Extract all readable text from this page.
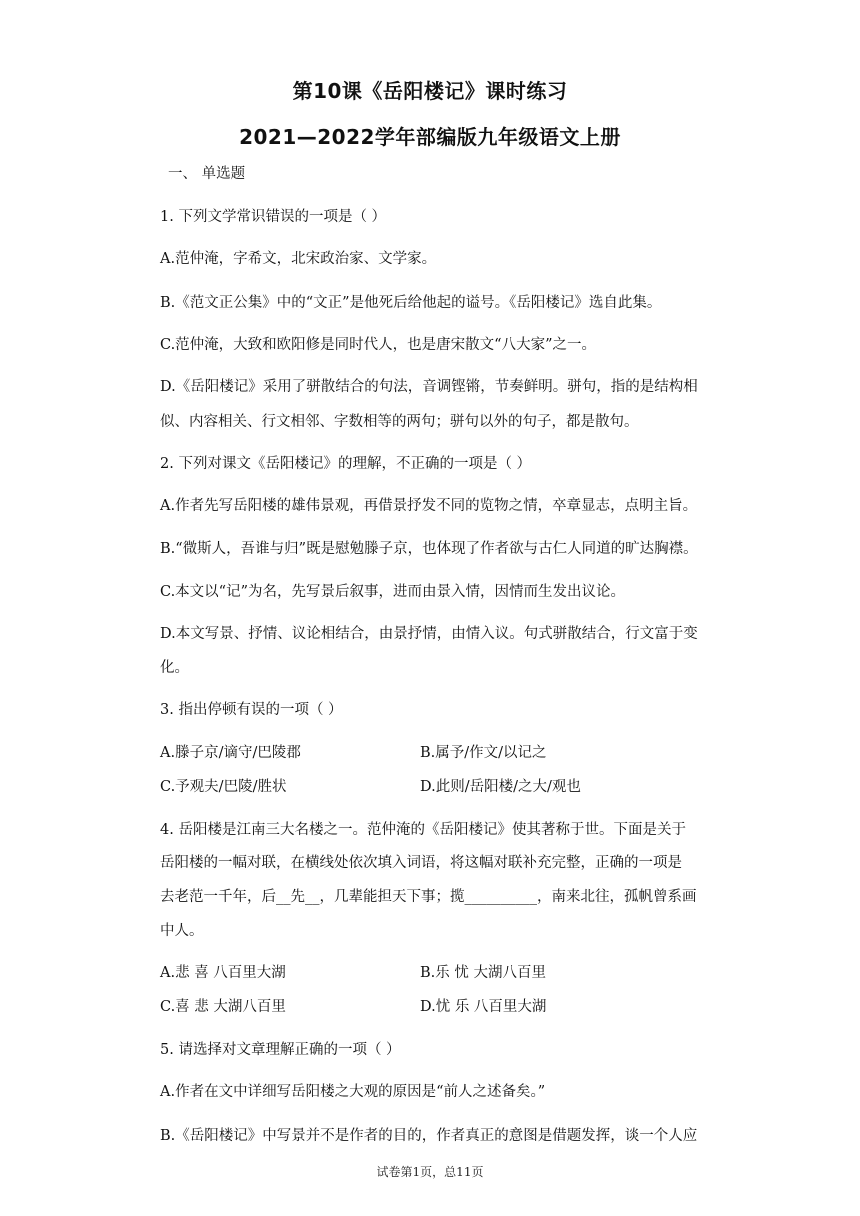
第10课《岳阳楼记》课时练习
2021—2022学年部编版九年级语文上册
一、 单选题
1. 下列文学常识错误的一项是（ ）
A.范仲淹，字希文，北宋政治家、文学家。
B.《范文正公集》中的“文正”是他死后给他起的谥号。《岳阳楼记》选自此集。
C.范仲淹，大致和欧阳修是同时代人，也是唐宋散文“八大家”之一。
D.《岳阳楼记》采用了骈散结合的句法，音调铿锵，节奏鲜明。骈句，指的是结构相
似、内容相关、行文相邻、字数相等的两句；骈句以外的句子，都是散句。
2. 下列对课文《岳阳楼记》的理解，不正确的一项是（ ）
A.作者先写岳阳楼的雄伟景观，再借景抒发不同的览物之情，卒章显志，点明主旨。
B.“微斯人，吾谁与归”既是慰勉滕子京，也体现了作者欲与古仁人同道的旷达胸襟。
C.本文以“记”为名，先写景后叙事，进而由景入情，因情而生发出议论。
D.本文写景、抒情、议论相结合，由景抒情，由情入议。句式骈散结合，行文富于变
化。
3. 指出停顿有误的一项（ ）
A.滕子京/谪守/巴陵郡	B.属予/作文/以记之
C.予观夫/巴陵/胜状	D.此则/岳阳楼/之大/观也
4. 岳阳楼是江南三大名楼之一。范仲淹的《岳阳楼记》使其著称于世。下面是关于
岳阳楼的一幅对联，在横线处依次填入词语，将这幅对联补充完整，正确的一项是
去老范一千年，后__先__，几辈能担天下事；揽__________，南来北往，孤帆曾系画
中人。
A.悲 喜 八百里大湖	B.乐 忧 大湖八百里
C.喜 悲 大湖八百里	D.忧 乐 八百里大湖
5. 请选择对文章理解正确的一项（ ）
A.作者在文中详细写岳阳楼之大观的原因是“前人之述备矣。”
B.《岳阳楼记》中写景并不是作者的目的，作者真正的意图是借题发挥，谈一个人应
试卷第1页，总11页
